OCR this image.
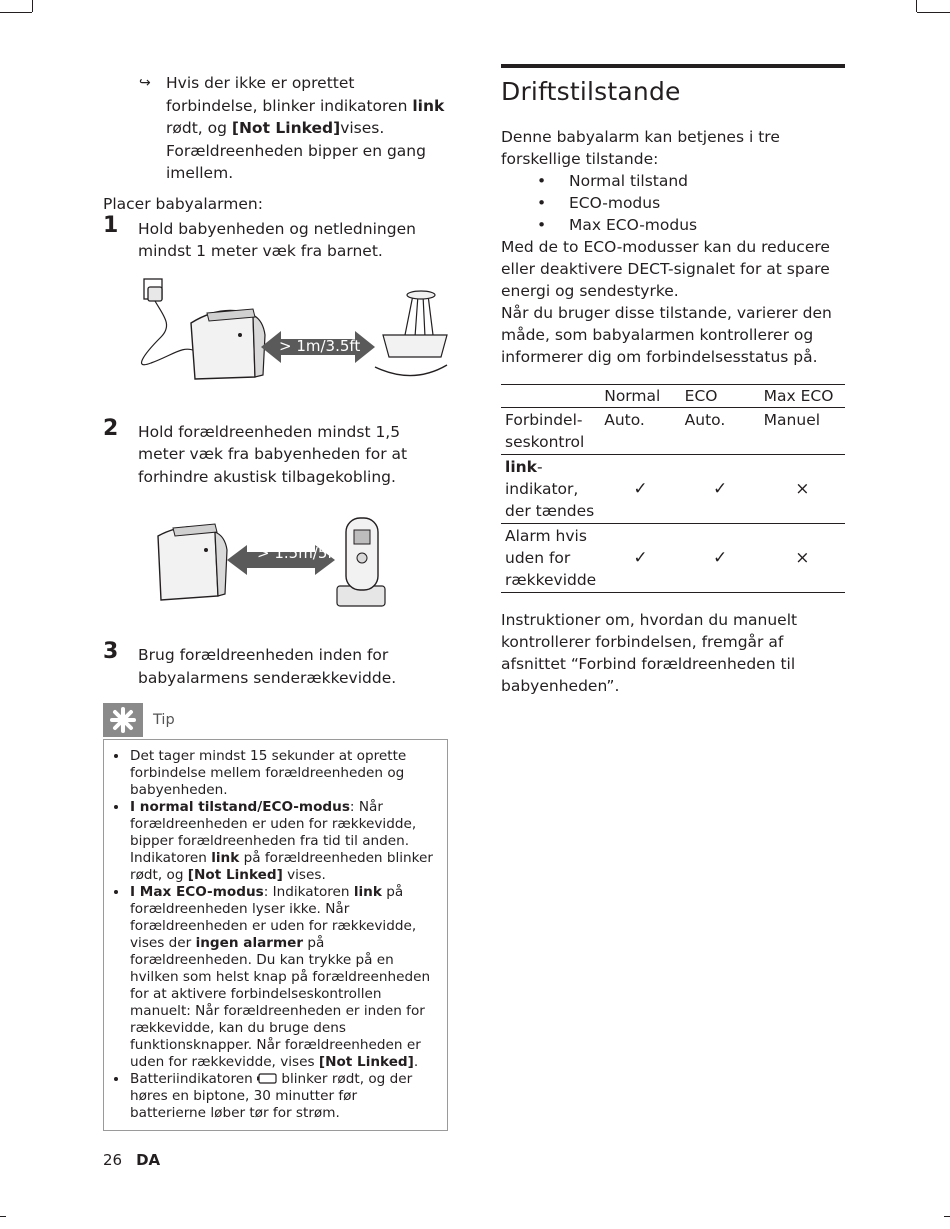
↪ Hvis der ikke er oprettet forbindelse, blinker indikatoren link rødt, og [Not Linked]vises. Forældreenheden bipper en gang imellem.
Placer babyalarmen:
1 Hold babyenheden og netledningen mindst 1 meter væk fra barnet.
> 1m/3.5ft
2 Hold forældreenheden mindst 1,5 meter væk fra babyenheden for at forhindre akustisk tilbagekobling.
> 1.5m/5ft
3 Brug forældreenheden inden for babyalarmens senderækkevidde.
Tip
• Det tager mindst 15 sekunder at oprette forbindelse mellem forældreenheden og babyenheden.
• I normal tilstand/ECO-modus: Når forældreenheden er uden for rækkevidde, bipper forældreenheden fra tid til anden. Indikatoren link på forældreenheden blinker rødt, og [Not Linked] vises.
• I Max ECO-modus: Indikatoren link på forældreenheden lyser ikke. Når forældreenheden er uden for rækkevidde, vises der ingen alarmer på forældreenheden. Du kan trykke på en hvilken som helst knap på forældreenheden for at aktivere forbindelseskontrollen manuelt: Når forældreenheden er inden for rækkevidde, kan du bruge dens funktionsknapper. Når forældreenheden er uden for rækkevidde, vises [Not Linked].
• Batteriindikatoren  blinker rødt, og der høres en biptone, 30 minutter før batterierne løber tør for strøm.
Driftstilstande
Denne babyalarm kan betjenes i tre forskellige tilstande:
• Normal tilstand
• ECO-modus
• Max ECO-modus
Med de to ECO-modusser kan du reducere eller deaktivere DECT-signalet for at spare energi og sendestyrke.
Når du bruger disse tilstande, varierer den måde, som babyalarmen kontrollerer og informerer dig om forbindelsesstatus på.
	Normal	ECO	Max ECO
Forbindel-seskontrol	Auto.	Auto.	Manuel
link-indikator, der tændes	✓	✓	×
Alarm hvis uden for rækkevidde	✓	✓	×
Instruktioner om, hvordan du manuelt kontrollerer forbindelsen, fremgår af afsnittet “Forbind forældreenheden til babyenheden”.
26 DA
